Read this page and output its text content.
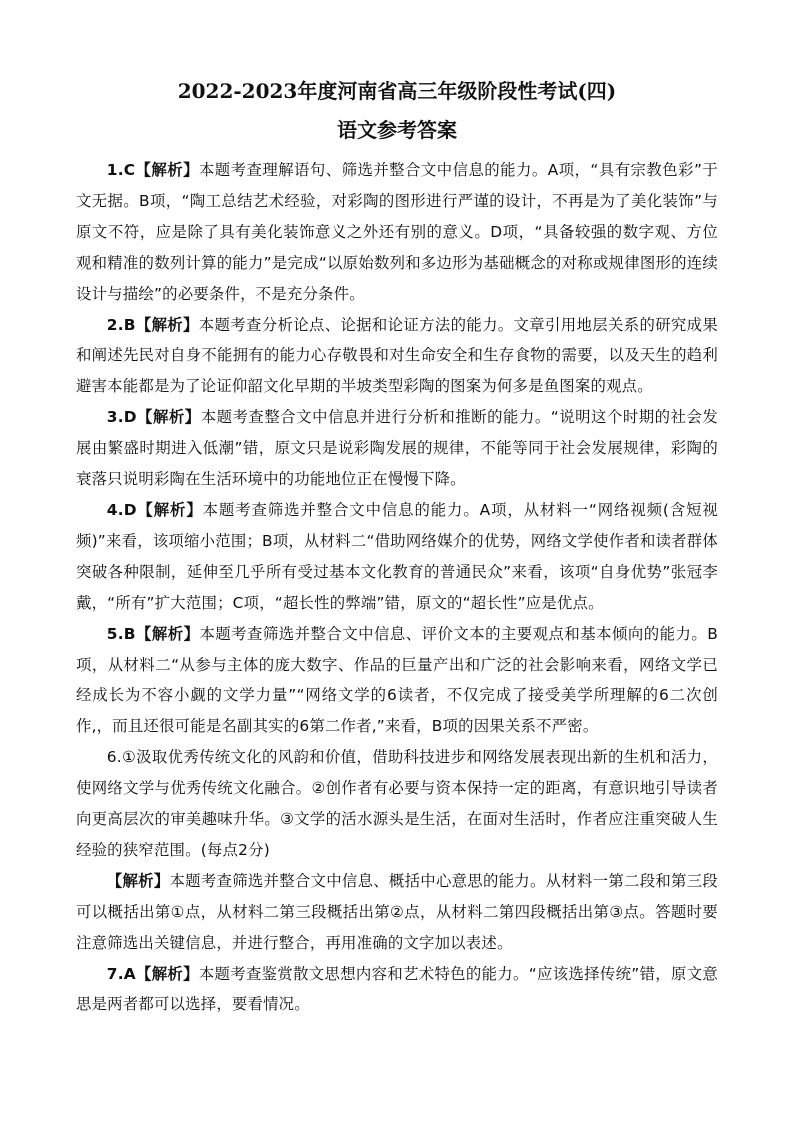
2022-2023年度河南省高三年级阶段性考试(四)
语文参考答案

1.C【解析】本题考查理解语句、筛选并整合文中信息的能力。A项，“具有宗教色彩”于文无据。B项，“陶工总结艺术经验，对彩陶的图形进行严谨的设计，不再是为了美化装饰”与原文不符，应是除了具有美化装饰意义之外还有别的意义。D项，“具备较强的数字观、方位观和精准的数列计算的能力”是完成“以原始数列和多边形为基础概念的对称或规律图形的连续设计与描绘”的必要条件，不是充分条件。

2.B【解析】本题考查分析论点、论据和论证方法的能力。文章引用地层关系的研究成果和阐述先民对自身不能拥有的能力心存敬畏和对生命安全和生存食物的需要，以及天生的趋利避害本能都是为了论证仰韶文化早期的半坡类型彩陶的图案为何多是鱼图案的观点。

3.D【解析】本题考查整合文中信息并进行分析和推断的能力。“说明这个时期的社会发展由繁盛时期进入低潮”错，原文只是说彩陶发展的规律，不能等同于社会发展规律，彩陶的衰落只说明彩陶在生活环境中的功能地位正在慢慢下降。

4.D【解析】本题考查筛选并整合文中信息的能力。A项，从材料一“网络视频(含短视频)”来看，该项缩小范围；B项，从材料二“借助网络媒介的优势，网络文学使作者和读者群体突破各种限制，延伸至几乎所有受过基本文化教育的普通民众”来看，该项“自身优势”张冠李戴，“所有”扩大范围；C项，“超长性的弊端”错，原文的“超长性”应是优点。

5.B【解析】本题考查筛选并整合文中信息、评价文本的主要观点和基本倾向的能力。B项，从材料二“从参与主体的庞大数字、作品的巨量产出和广泛的社会影响来看，网络文学已经成长为不容小觑的文学力量”“网络文学的6读者，不仅完成了接受美学所理解的6二次创作,，而且还很可能是名副其实的6第二作者,”来看，B项的因果关系不严密。

6.①汲取优秀传统文化的风韵和价值，借助科技进步和网络发展表现出新的生机和活力，使网络文学与优秀传统文化融合。②创作者有必要与资本保持一定的距离，有意识地引导读者向更高层次的审美趣味升华。③文学的活水源头是生活，在面对生活时，作者应注重突破人生经验的狭窄范围。(每点2分)

【解析】本题考查筛选并整合文中信息、概括中心意思的能力。从材料一第二段和第三段可以概括出第①点，从材料二第三段概括出第②点，从材料二第四段概括出第③点。答题时要注意筛选出关键信息，并进行整合，再用准确的文字加以表述。

7.A【解析】本题考查鉴赏散文思想内容和艺术特色的能力。“应该选择传统”错，原文意思是两者都可以选择，要看情况。
